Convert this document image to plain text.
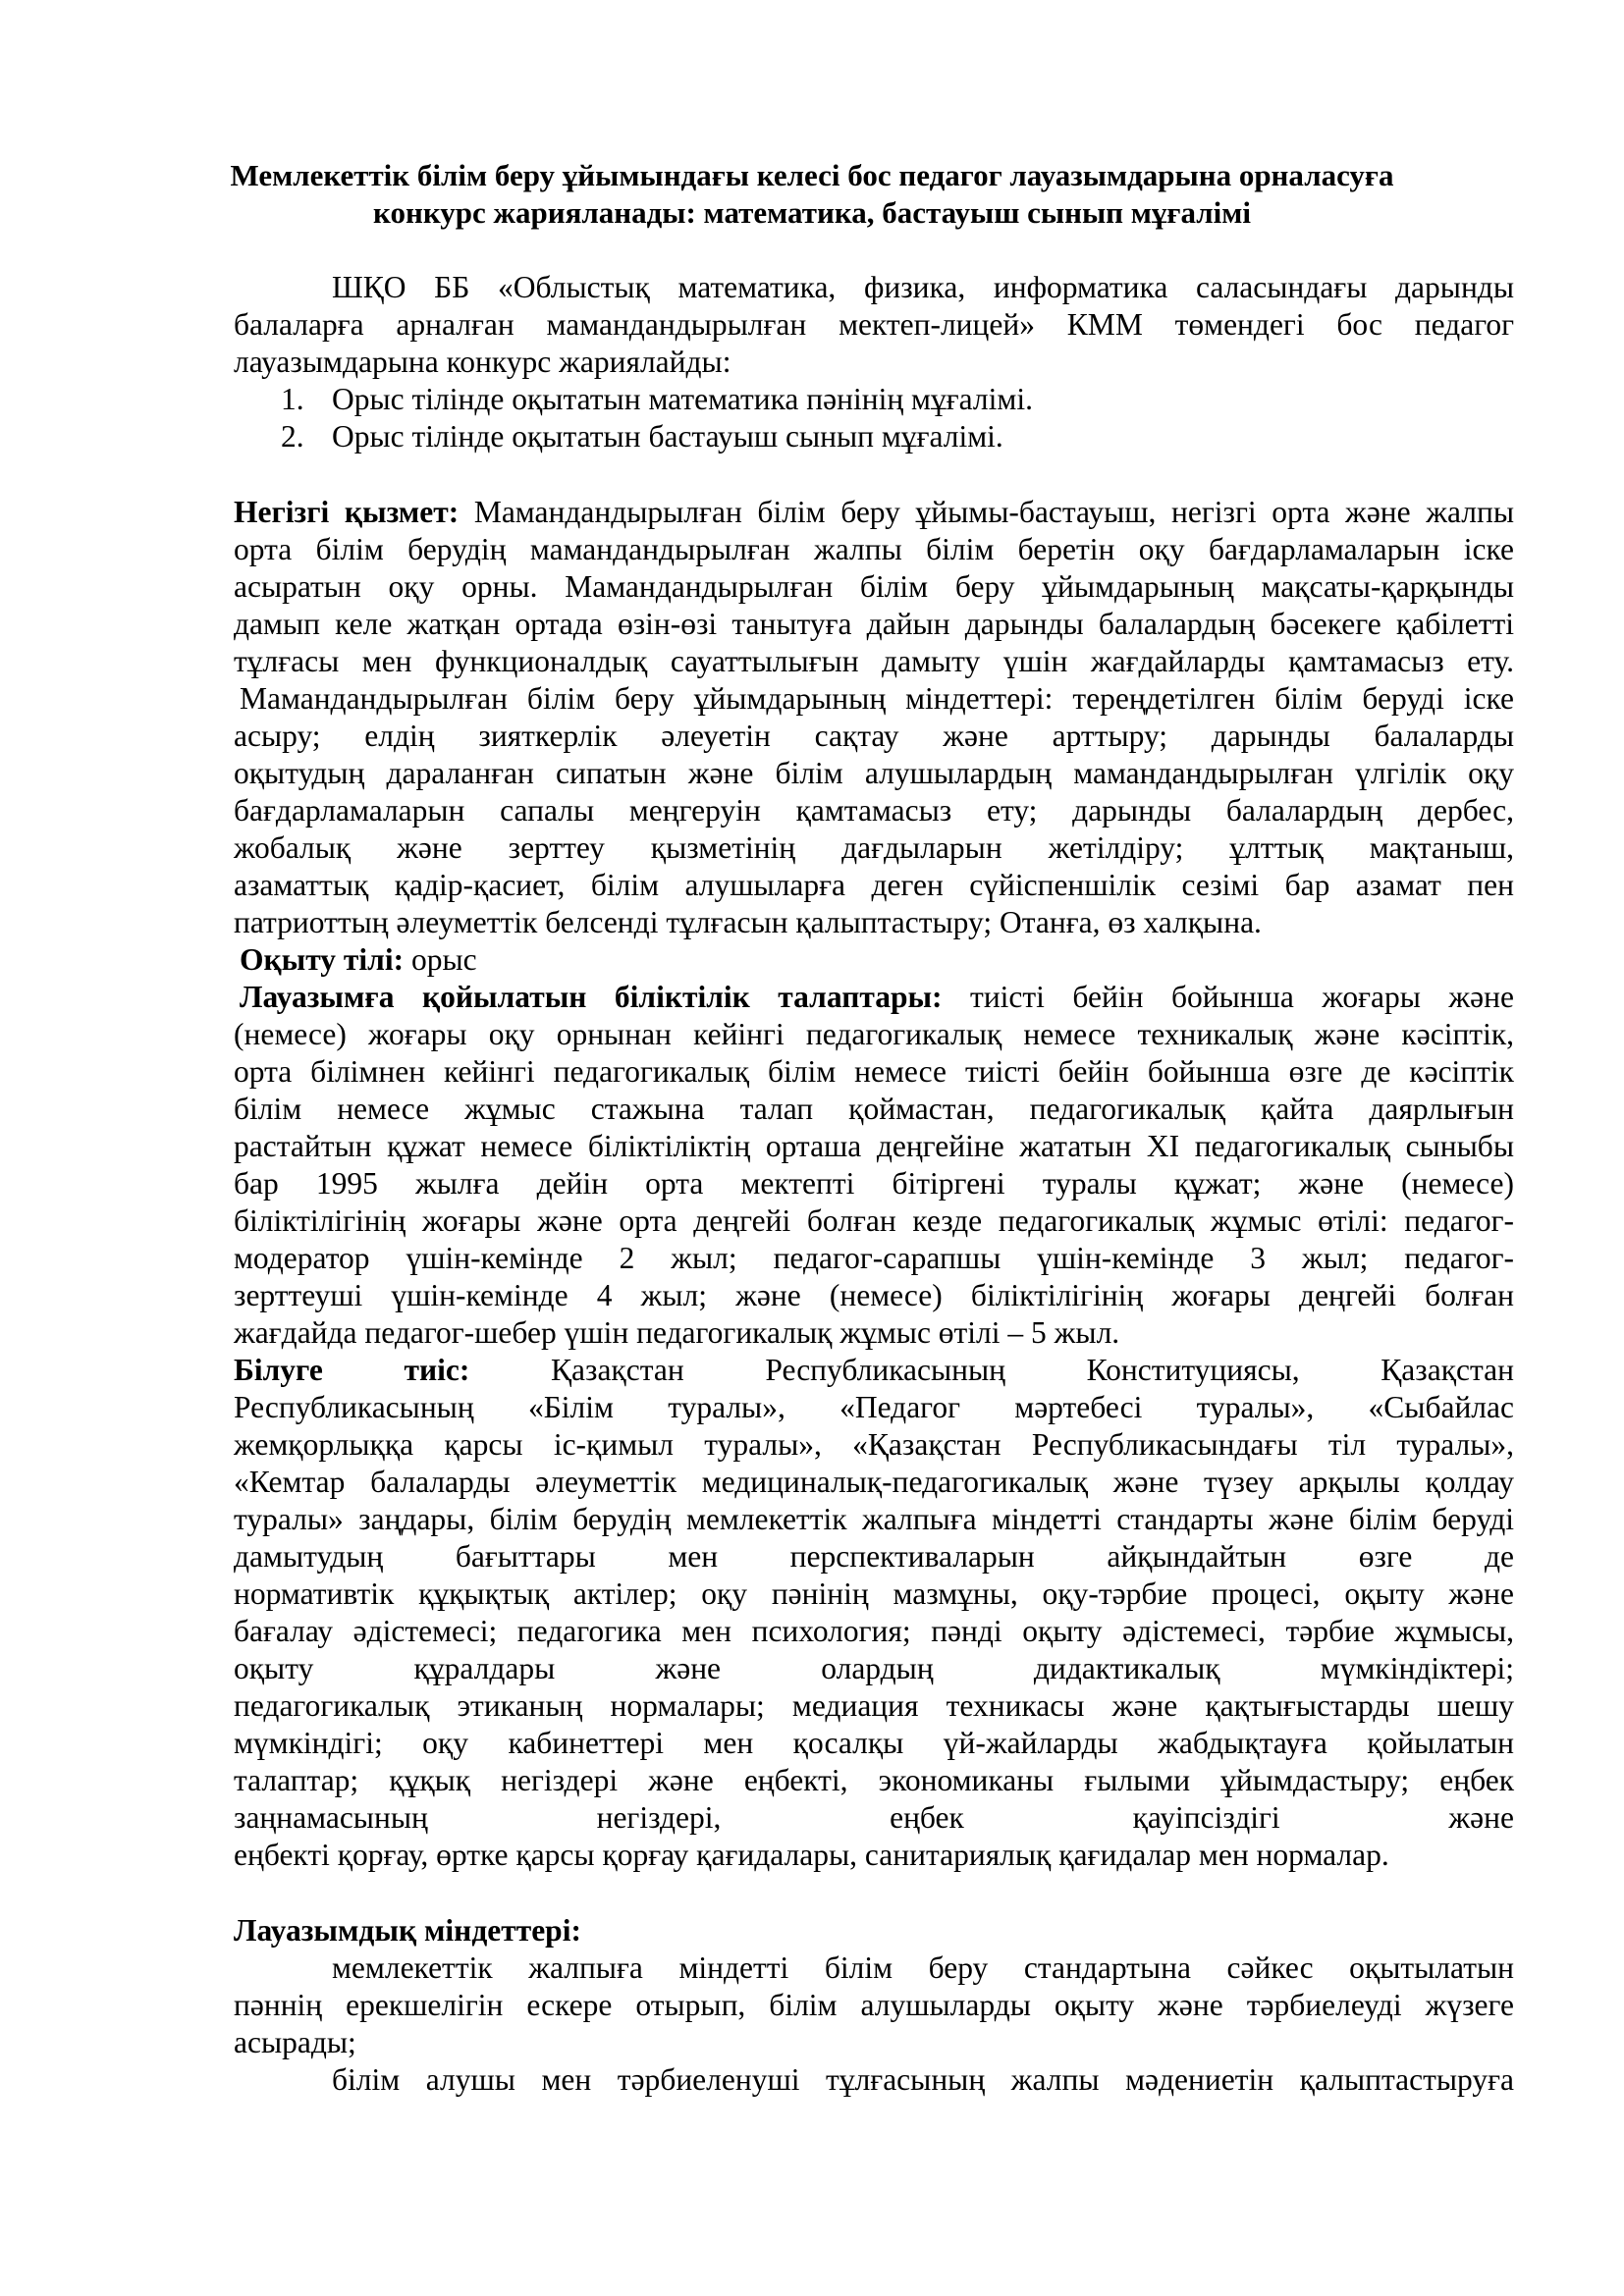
Мемлекеттік білім беру ұйымындағы келесі бос педагог лауазымдарына орналасуға
конкурс жарияланады: математика, бастауыш сынып мұғалімі
ШҚО ББ «Облыстық математика, физика, информатика саласындағы дарынды
балаларға арналған мамандандырылған мектеп-лицей» КММ төмендегі бос педагог
лауазымдарына конкурс жариялайды:
1. Орыс тілінде оқытатын математика пәнінің мұғалімі.
2. Орыс тілінде оқытатын бастауыш сынып мұғалімі.
Негізгі қызмет: Мамандандырылған білім беру ұйымы-бастауыш, негізгі орта және жалпы
орта білім берудің мамандандырылған жалпы білім беретін оқу бағдарламаларын іске
асыратын оқу орны. Мамандандырылған білім беру ұйымдарының мақсаты-қарқынды
дамып келе жатқан ортада өзін-өзі танытуға дайын дарынды балалардың бәсекеге қабілетті
тұлғасы мен функционалдық сауаттылығын дамыту үшін жағдайларды қамтамасыз ету.
Мамандандырылған білім беру ұйымдарының міндеттері: тереңдетілген білім беруді іске
асыру; елдің зияткерлік әлеуетін сақтау және арттыру; дарынды балаларды
оқытудың дараланған сипатын және білім алушылардың мамандандырылған үлгілік оқу
бағдарламаларын сапалы меңгеруін қамтамасыз ету; дарынды балалардың дербес,
жобалық және зерттеу қызметінің дағдыларын жетілдіру; ұлттық мақтаныш,
азаматтық қадір-қасиет, білім алушыларға деген сүйіспеншілік сезімі бар азамат пен
патриоттың әлеуметтік белсенді тұлғасын қалыптастыру; Отанға, өз халқына.
Оқыту тілі: орыс
Лауазымға қойылатын біліктілік талаптары: тиісті бейін бойынша жоғары және
(немесе) жоғары оқу орнынан кейінгі педагогикалық немесе техникалық және кәсіптік,
орта білімнен кейінгі педагогикалық білім немесе тиісті бейін бойынша өзге де кәсіптік
білім немесе жұмыс стажына талап қоймастан, педагогикалық қайта даярлығын
растайтын құжат немесе біліктіліктің орташа деңгейіне жататын XI педагогикалық сыныбы
бар 1995 жылға дейін орта мектепті бітіргені туралы құжат; және (немесе)
біліктілігінің жоғары және орта деңгейі болған кезде педагогикалық жұмыс өтілі: педагог-
модератор үшін-кемінде 2 жыл; педагог-сарапшы үшін-кемінде 3 жыл; педагог-
зерттеуші үшін-кемінде 4 жыл; және (немесе) біліктілігінің жоғары деңгейі болған
жағдайда педагог-шебер үшін педагогикалық жұмыс өтілі – 5 жыл.
Білуге тиіс: Қазақстан Республикасының Конституциясы, Қазақстан
Республикасының «Білім туралы», «Педагог мәртебесі туралы», «Сыбайлас
жемқорлыққа қарсы іс-қимыл туралы», «Қазақстан Республикасындағы тіл туралы»,
«Кемтар балаларды әлеуметтік медициналық-педагогикалық және түзеу арқылы қолдау
туралы» заңдары, білім берудің мемлекеттік жалпыға міндетті стандарты және білім беруді
дамытудың бағыттары мен перспективаларын айқындайтын өзге де
нормативтік құқықтық актілер; оқу пәнінің мазмұны, оқу-тәрбие процесі, оқыту және
бағалау әдістемесі; педагогика мен психология; пәнді оқыту әдістемесі, тәрбие жұмысы,
оқыту құралдары және олардың дидактикалық мүмкіндіктері;
педагогикалық этиканың нормалары; медиация техникасы және қақтығыстарды шешу
мүмкіндігі; оқу кабинеттері мен қосалқы үй-жайларды жабдықтауға қойылатын
талаптар; құқық негіздері және еңбекті, экономиканы ғылыми ұйымдастыру; еңбек
заңнамасының негіздері, еңбек қауіпсіздігі және
еңбекті қорғау, өртке қарсы қорғау қағидалары, санитариялық қағидалар мен нормалар.
Лауазымдық міндеттері:
мемлекеттік жалпыға міндетті білім беру стандартына сәйкес оқытылатын
пәннің ерекшелігін ескере отырып, білім алушыларды оқыту және тәрбиелеуді жүзеге
асырады;
білім алушы мен тәрбиеленуші тұлғасының жалпы мәдениетін қалыптастыруға
